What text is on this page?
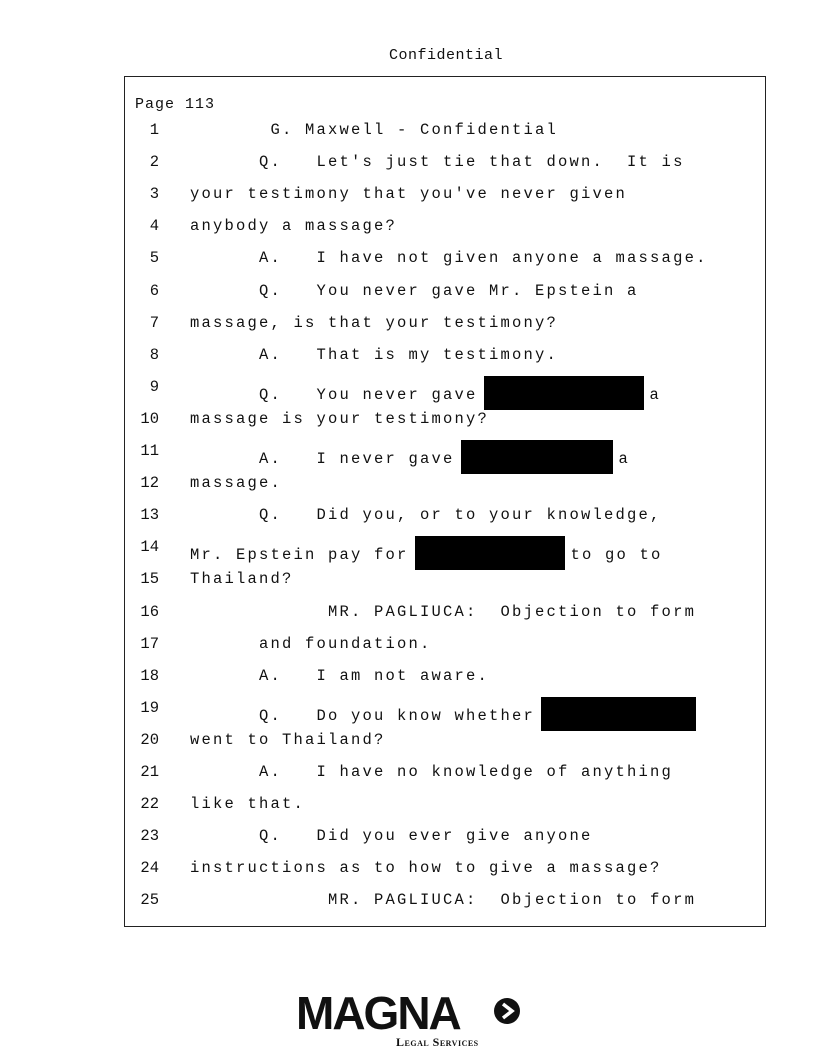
Confidential
Page 113
1 G. Maxwell - Confidential
2 Q.   Let's just tie that down.  It is
3 your testimony that you've never given
4 anybody a massage?
5 A.   I have not given anyone a massage.
6 Q.   You never gave Mr. Epstein a
7 massage, is that your testimony?
8 A.   That is my testimony.
9 Q.   You never gave	a
10 massage is your testimony?
11 A.   I never gave	a
12 massage.
13 Q.   Did you, or to your knowledge,
14 Mr. Epstein pay for	to go to
15 Thailand?
16 MR. PAGLIUCA:  Objection to form
17 and foundation.
18 A.   I am not aware.
19 Q.   Do you know whether
20 went to Thailand?
21 A.   I have no knowledge of anything
22 like that.
23 Q.   Did you ever give anyone
24 instructions as to how to give a massage?
25 MR. PAGLIUCA:  Objection to form
MAGNA
Legal Services
